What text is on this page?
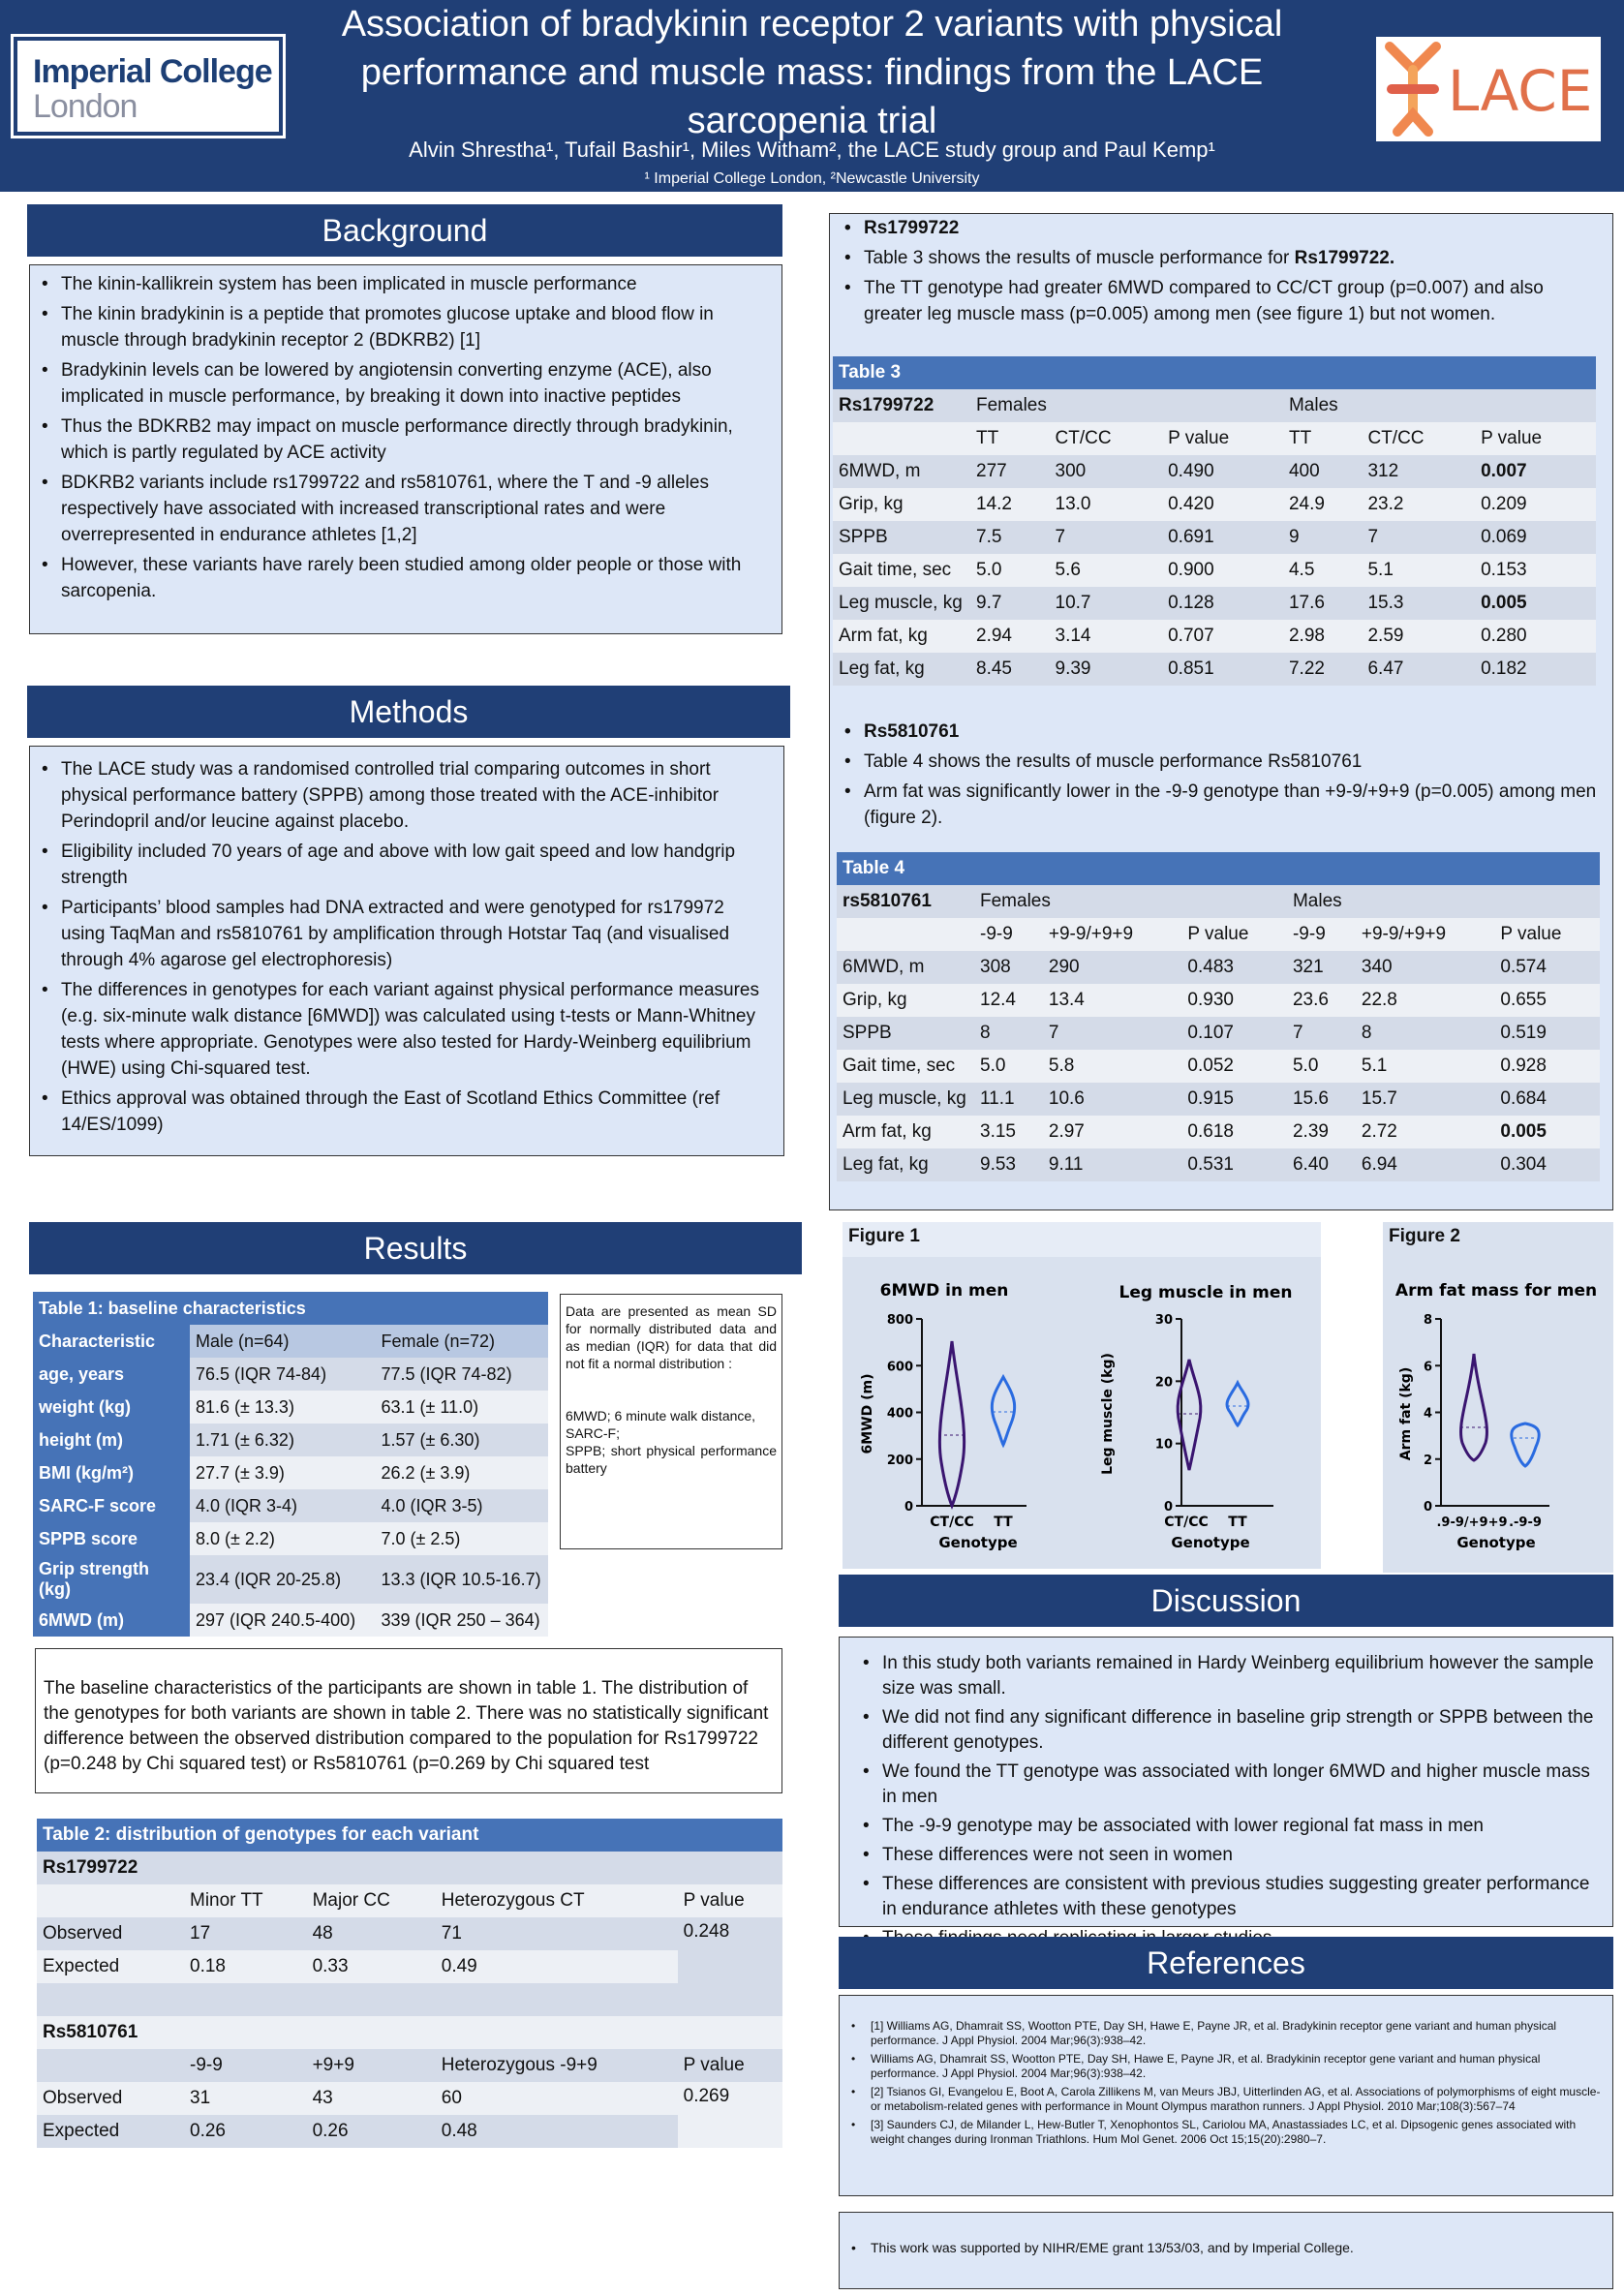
Association of bradykinin receptor 2 variants with physical
performance and muscle mass: findings from the LACE
sarcopenia trial
Alvin Shrestha¹, Tufail Bashir¹, Miles Witham², the LACE study group and Paul Kemp¹
¹ Imperial College London, ²Newcastle University
Imperial College
London	LACE
Background
• The kinin-kallikrein system has been implicated in muscle performance
• The kinin bradykinin is a peptide that promotes glucose uptake and blood flow in muscle through bradykinin receptor 2 (BDKRB2) [1]
• Bradykinin levels can be lowered by angiotensin converting enzyme (ACE), also implicated in muscle performance, by breaking it down into inactive peptides
• Thus the BDKRB2 may impact on muscle performance directly through bradykinin, which is partly regulated by ACE activity
• BDKRB2 variants include rs1799722 and rs5810761, where the T and -9 alleles respectively have associated with increased transcriptional rates and were overrepresented in endurance athletes [1,2]
• However, these variants have rarely been studied among older people or those with sarcopenia.
Methods
• The LACE study was a randomised controlled trial comparing outcomes in short physical performance battery (SPPB) among those treated with the ACE-inhibitor Perindopril and/or leucine against placebo.
• Eligibility included 70 years of age and above with low gait speed and low handgrip strength
• Participants’ blood samples had DNA extracted and were genotyped for rs179972 using TaqMan and rs5810761 by amplification through Hotstar Taq (and visualised through 4% agarose gel electrophoresis)
• The differences in genotypes for each variant against physical performance measures (e.g. six-minute walk distance [6MWD]) was calculated using t-tests or Mann-Whitney tests where appropriate. Genotypes were also tested for Hardy-Weinberg equilibrium (HWE) using Chi-squared test.
• Ethics approval was obtained through the East of Scotland Ethics Committee (ref 14/ES/1099)
Results
Table 1: baseline characteristics		
Characteristic	Male (n=64)	Female (n=72)
age, years	76.5 (IQR 74-84)	77.5 (IQR 74-82)
weight (kg)	81.6 (± 13.3)	63.1 (± 11.0)
height (m)	1.71 (± 6.32)	1.57 (± 6.30)
BMI (kg/m²)	27.7 (± 3.9)	26.2 (± 3.9)
SARC-F score	4.0 (IQR 3-4)	4.0 (IQR 3-5)
SPPB score	8.0 (± 2.2)	7.0 (± 2.5)
Grip strength (kg)	23.4 (IQR 20-25.8)	13.3 (IQR 10.5-16.7)
6MWD (m)	297 (IQR 240.5-400)	339 (IQR 250 – 364)
Data are presented as mean SD for normally distributed data and as median (IQR) for data that did not fit a normal distribution :
6MWD; 6 minute walk distance,
SARC-F;
SPPB; short physical performance battery
The baseline characteristics of the participants are shown in table 1. The distribution of the genotypes for both variants are shown in table 2. There was no statistically significant difference between the observed distribution compared to the population for Rs1799722 (p=0.248 by Chi squared test) or Rs5810761 (p=0.269 by Chi squared test
Table 2: distribution of genotypes for each variant				
Rs1799722				
	Minor TT	Major CC	Heterozygous CT	P value
Observed	17	48	71	0.248
Expected	0.18	0.33	0.49	

Rs5810761				
	-9-9	+9+9	Heterozygous -9+9	P value
Observed	31	43	60	0.269
Expected	0.26	0.26	0.48	
• Rs1799722
• Table 3 shows the results of muscle performance for Rs1799722.
• The TT genotype had greater 6MWD compared to CC/CT group (p=0.007) and also greater leg muscle mass (p=0.005) among men (see figure 1) but not women.
Table 3						
Rs1799722	Females			Males		
	TT	CT/CC	P value	TT	CT/CC	P value
6MWD, m	277	300	0.490	400	312	0.007
Grip, kg	14.2	13.0	0.420	24.9	23.2	0.209
SPPB	7.5	7	0.691	9	7	0.069
Gait time, sec	5.0	5.6	0.900	4.5	5.1	0.153
Leg muscle, kg	9.7	10.7	0.128	17.6	15.3	0.005
Arm fat, kg	2.94	3.14	0.707	2.98	2.59	0.280
Leg fat, kg	8.45	9.39	0.851	7.22	6.47	0.182
• Rs5810761
• Table 4 shows the results of muscle performance Rs5810761
• Arm fat was significantly lower in the -9-9 genotype than +9-9/+9+9 (p=0.005) among men (figure 2).
Table 4						
rs5810761	Females			Males		
	-9-9	+9-9/+9+9	P value	-9-9	+9-9/+9+9	P value
6MWD, m	308	290	0.483	321	340	0.574
Grip, kg	12.4	13.4	0.930	23.6	22.8	0.655
SPPB	8	7	0.107	7	8	0.519
Gait time, sec	5.0	5.8	0.052	5.0	5.1	0.928
Leg muscle, kg	11.1	10.6	0.915	15.6	15.7	0.684
Arm fat, kg	3.15	2.97	0.618	2.39	2.72	0.005
Leg fat, kg	9.53	9.11	0.531	6.40	6.94	0.304
Figure 1	Figure 2
6MWD in men
0
200
400
600
800
6MWD (m)
CT/CC TT
Genotype
Leg muscle in men
0
10
20
30
Leg muscle (kg)
CT/CC TT
Genotype
Arm fat mass for men
0
2
4
6
8
Arm fat (kg)
.9-9/+9+9 .-9-9
Genotype
Discussion
• In this study both variants remained in Hardy Weinberg equilibrium however the sample size was small.
• We did not find any significant difference in baseline grip strength or SPPB between the different genotypes.
• We found the TT genotype was associated with longer 6MWD and higher muscle mass in men
• The -9-9 genotype may be associated with lower regional fat mass in men
• These differences were not seen in women
• These differences are consistent with previous studies suggesting greater performance in endurance athletes with these genotypes
•
References
• [1] Williams AG, Dhamrait SS, Wootton PTE, Day SH, Hawe E, Payne JR, et al. Bradykinin receptor gene variant and human physical performance. J Appl Physiol. 2004 Mar;96(3):938–42.
• Williams AG, Dhamrait SS, Wootton PTE, Day SH, Hawe E, Payne JR, et al. Bradykinin receptor gene variant and human physical performance. J Appl Physiol. 2004 Mar;96(3):938–42.
• [2] Tsianos GI, Evangelou E, Boot A, Carola Zillikens M, van Meurs JBJ, Uitterlinden AG, et al. Associations of polymorphisms of eight muscle- or metabolism-related genes with performance in Mount Olympus marathon runners. J Appl Physiol. 2010 Mar;108(3):567–74
• [3] Saunders CJ, de Milander L, Hew-Butler T, Xenophontos SL, Cariolou MA, Anastassiades LC, et al. Dipsogenic genes associated with weight changes during Ironman Triathlons. Hum Mol Genet. 2006 Oct 15;15(20):2980–7.
• This work was supported by NIHR/EME grant 13/53/03, and by Imperial College.
